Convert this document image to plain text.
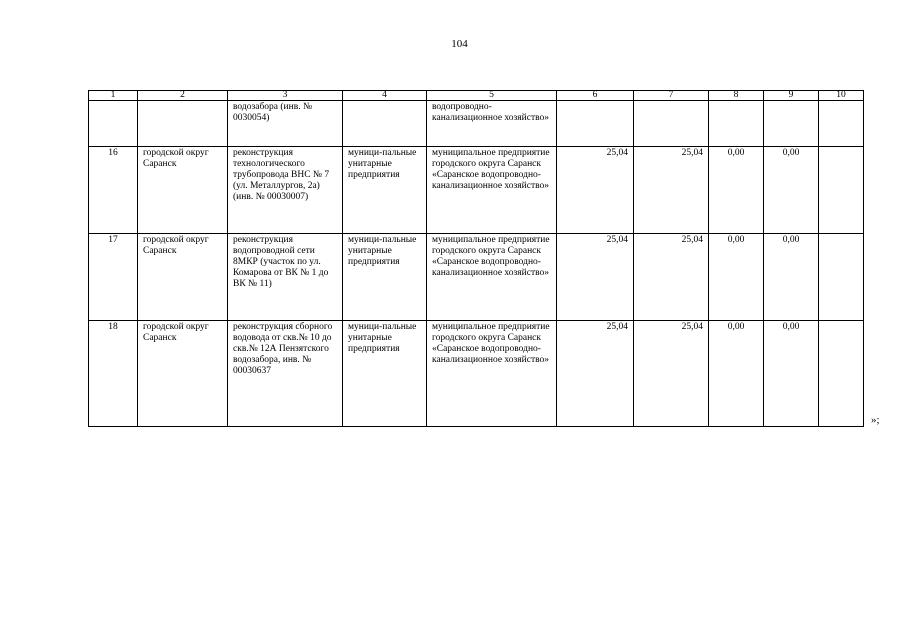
104
1	2	3	4	5	6	7	8	9	10
		водозабора (инв. № 0030054)		водопроводно-канализационное хозяйство»					
16	городской округ Саранск	реконструкция технологического трубопровода ВНС № 7 (ул. Металлургов, 2а) (инв. № 00030007)	муници-пальные унитарные предприятия	муниципальное предприятие городского округа Саранск «Саранское водопроводно-канализационное хозяйство»	25,04	25,04	0,00	0,00	
17	городской округ Саранск	реконструкция водопроводной сети 8МКР (участок по ул. Комарова от ВК № 1 до ВК № 11)	муници-пальные унитарные предприятия	муниципальное предприятие городского округа Саранск «Саранское водопроводно-канализационное хозяйство»	25,04	25,04	0,00	0,00	
18	городской округ Саранск	реконструкция сборного водовода от скв.№ 10 до скв.№ 12А Пензятского водозабора, инв. № 00030637	муници-пальные унитарные предприятия	муниципальное предприятие городского округа Саранск «Саранское водопроводно-канализационное хозяйство»	25,04	25,04	0,00	0,00	
»;
